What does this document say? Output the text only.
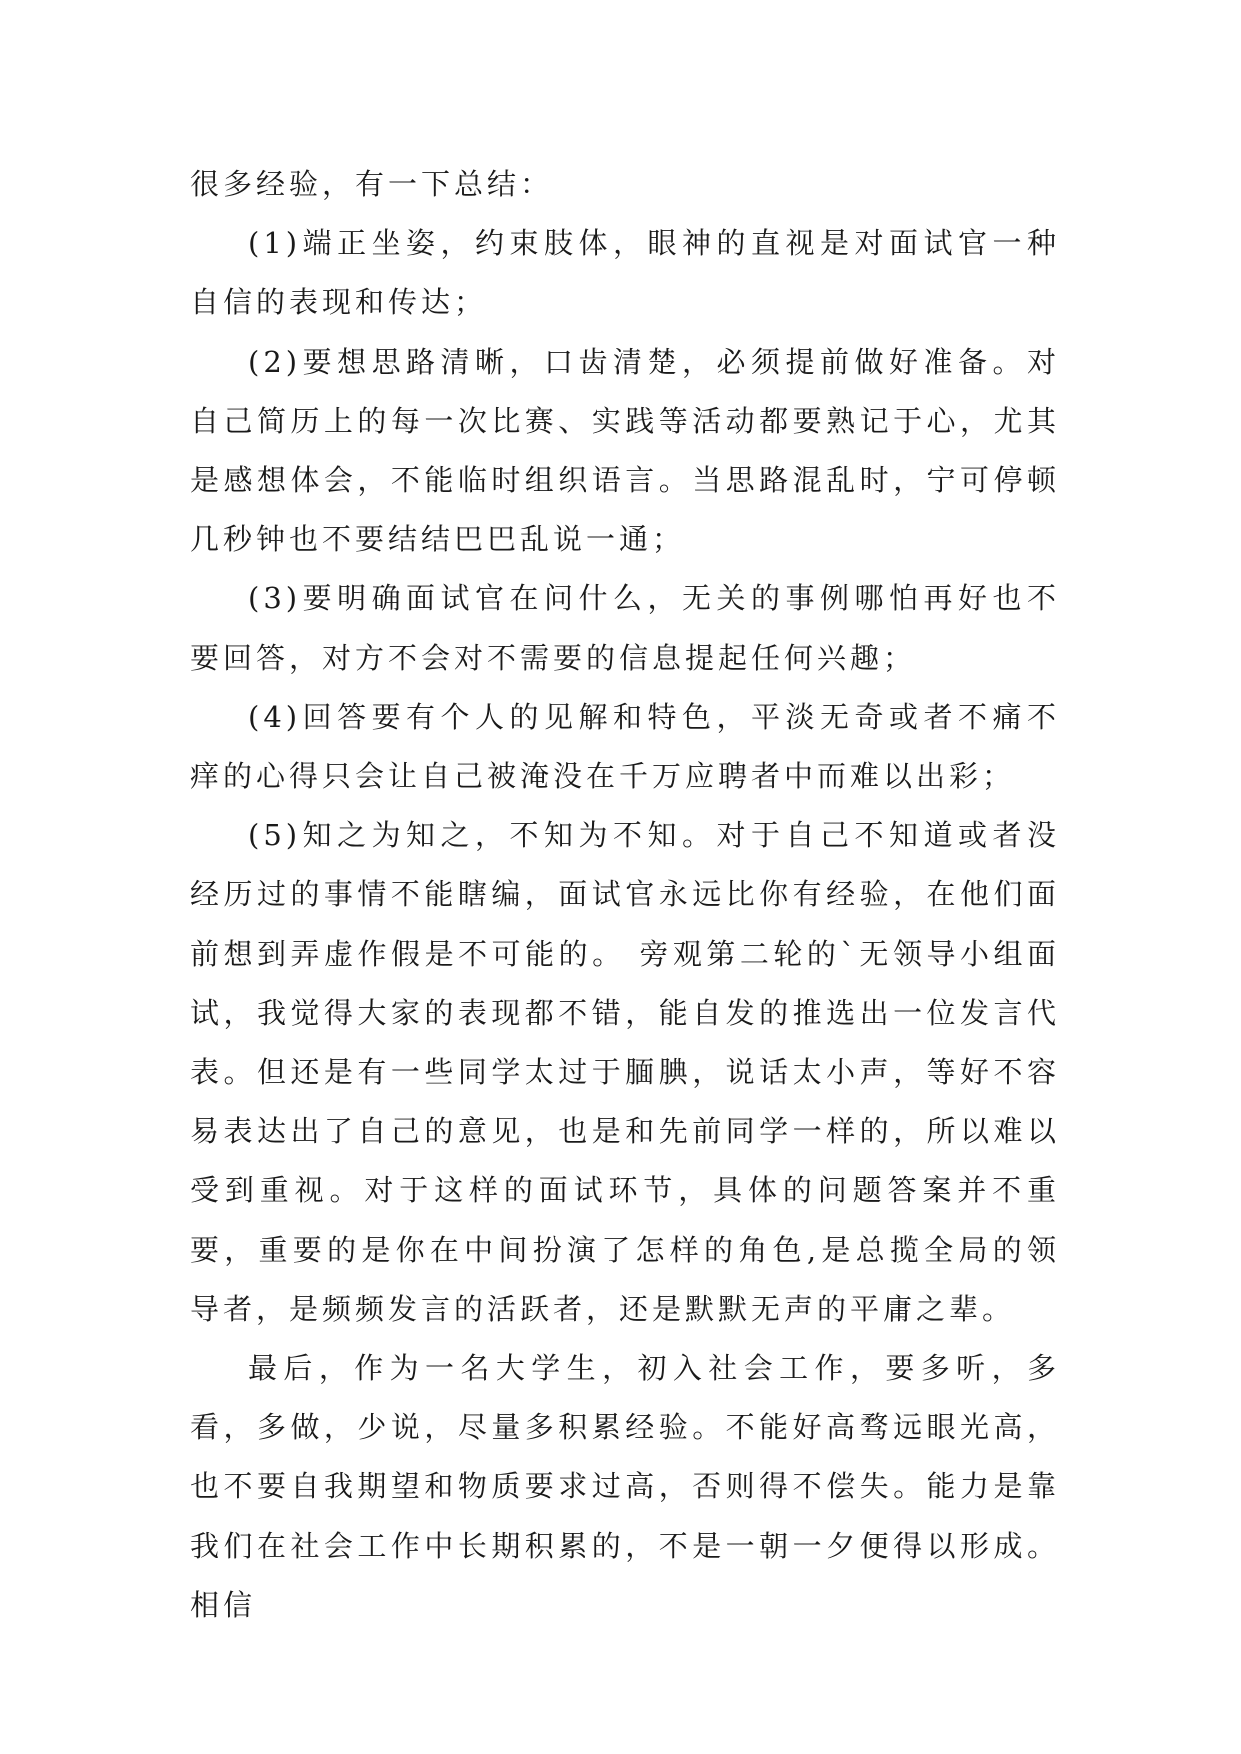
很多经验，有一下总结：

(1)端正坐姿，约束肢体，眼神的直视是对面试官一种自信的表现和传达；

(2)要想思路清晰，口齿清楚，必须提前做好准备。对自己简历上的每一次比赛、实践等活动都要熟记于心，尤其是感想体会，不能临时组织语言。当思路混乱时，宁可停顿几秒钟也不要结结巴巴乱说一通；

(3)要明确面试官在问什么，无关的事例哪怕再好也不要回答，对方不会对不需要的信息提起任何兴趣；

(4)回答要有个人的见解和特色，平淡无奇或者不痛不痒的心得只会让自己被淹没在千万应聘者中而难以出彩；

(5)知之为知之，不知为不知。对于自己不知道或者没经历过的事情不能瞎编，面试官永远比你有经验，在他们面前想到弄虚作假是不可能的。 旁观第二轮的`无领导小组面试，我觉得大家的表现都不错，能自发的推选出一位发言代表。但还是有一些同学太过于腼腆，说话太小声，等好不容易表达出了自己的意见，也是和先前同学一样的，所以难以受到重视。对于这样的面试环节，具体的问题答案并不重要，重要的是你在中间扮演了怎样的角色,是总揽全局的领导者，是频频发言的活跃者，还是默默无声的平庸之辈。

最后，作为一名大学生，初入社会工作，要多听，多看，多做，少说，尽量多积累经验。不能好高骛远眼光高，也不要自我期望和物质要求过高，否则得不偿失。能力是靠我们在社会工作中长期积累的，不是一朝一夕便得以形成。相信
